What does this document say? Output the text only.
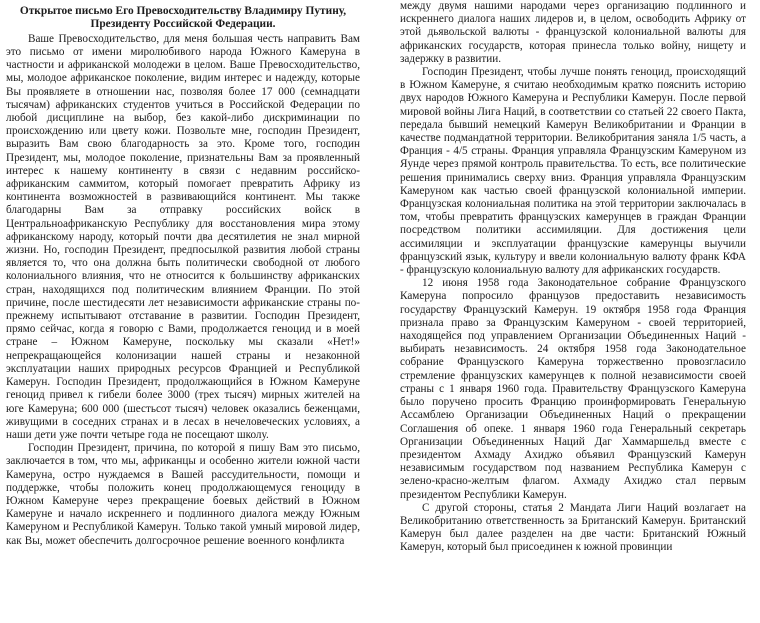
Открытое письмо Его Превосходительству Владимиру Путину,
Президенту Российской Федерации.

Ваше Превосходительство, для меня большая честь направить Вам это письмо от имени миролюбивого народа Южного Камеруна в частности и африканской молодежи в целом. Ваше Превосходительство, мы, молодое африканское поколение, видим интерес и надежду, которые Вы проявляете в отношении нас, позволяя более 17 000 (семнадцати тысячам) африканских студентов учиться в Российской Федерации по любой дисциплине на выбор, без какой-либо дискриминации по происхождению или цвету кожи. Позвольте мне, господин Президент, выразить Вам свою благодарность за это. Кроме того, господин Президент, мы, молодое поколение, признательны Вам за проявленный интерес к нашему континенту в связи с недавним российско-африканским саммитом, который помогает превратить Африку из континента возможностей в развивающийся континент. Мы также благодарны Вам за отправку российских войск в Центральноафриканскую Республику для восстановления мира этому африканскому народу, который почти два десятилетия не знал мирной жизни. Но, господин Президент, предпосылкой развития любой страны является то, что она должна быть политически свободной от любого колониального влияния, что не относится к большинству африканских стран, находящихся под политическим влиянием Франции. По этой причине, после шестидесяти лет независимости африканские страны по-прежнему испытывают отставание в развитии. Господин Президент, прямо сейчас, когда я говорю с Вами, продолжается геноцид и в моей стране – Южном Камеруне, поскольку мы сказали «Нет!» непрекращающейся колонизации нашей страны и незаконной эксплуатации наших природных ресурсов Францией и Республикой Камерун. Господин Президент, продолжающийся в Южном Камеруне геноцид привел к гибели более 3000 (трех тысяч) мирных жителей на юге Камеруна; 600 000 (шестьсот тысяч) человек оказались беженцами, живущими в соседних странах и в лесах в нечеловеческих условиях, а наши дети уже почти четыре года не посещают школу.

Господин Президент, причина, по которой я пишу Вам это письмо, заключается в том, что мы, африканцы и особенно жители южной части Камеруна, остро нуждаемся в Вашей рассудительности, помощи и поддержке, чтобы положить конец продолжающемуся геноциду в Южном Камеруне через прекращение боевых действий в Южном Камеруне и начало искреннего и подлинного диалога между Южным Камеруном и Республикой Камерун. Только такой умный мировой лидер, как Вы, может обеспечить долгосрочное решение военного конфликта

между двумя нашими народами через организацию подлинного и искреннего диалога наших лидеров и, в целом, освободить Африку от этой дьявольской валюты - французской колониальной валюты для африканских государств, которая принесла только войну, нищету и задержку в развитии.

Господин Президент, чтобы лучше понять геноцид, происходящий в Южном Камеруне, я считаю необходимым кратко пояснить историю двух народов Южного Камеруна и Республики Камерун. После первой мировой войны Лига Наций, в соответствии со статьей 22 своего Пакта, передала бывший немецкий Камерун Великобритании и Франции в качестве подмандатной территории. Великобритания заняла 1/5 часть, а Франция - 4/5 страны. Франция управляла Французским Камеруном из Яунде через прямой контроль правительства. То есть, все политические решения принимались сверху вниз. Франция управляла Французским Камеруном как частью своей французской колониальной империи. Французская колониальная политика на этой территории заключалась в том, чтобы превратить французских камерунцев в граждан Франции посредством политики ассимиляции. Для достижения цели ассимиляции и эксплуатации французские камерунцы выучили французский язык, культуру и ввели колониальную валюту франк КФА - французскую колониальную валюту для африканских государств.

12 июня 1958 года Законодательное собрание Французского Камеруна попросило французов предоставить независимость государству Французский Камерун. 19 октября 1958 года Франция признала право за Французским Камеруном - своей территорией, находящейся под управлением Организации Объединенных Наций - выбирать независимость. 24 октября 1958 года Законодательное собрание Французского Камеруна торжественно провозгласило стремление французских камерунцев к полной независимости своей страны с 1 января 1960 года. Правительству Французского Камеруна было поручено просить Францию проинформировать Генеральную Ассамблею Организации Объединенных Наций о прекращении Соглашения об опеке. 1 января 1960 года Генеральный секретарь Организации Объединенных Наций Даг Хаммаршельд вместе с президентом Ахмаду Ахиджо объявил Французский Камерун независимым государством под названием Республика Камерун с зелено-красно-желтым флагом. Ахмаду Ахиджо стал первым президентом Республики Камерун.

С другой стороны, статья 2 Мандата Лиги Наций возлагает на Великобританию ответственность за Британский Камерун. Британский Камерун был далее разделен на две части: Британский Южный Камерун, который был присоединен к южной провинции
